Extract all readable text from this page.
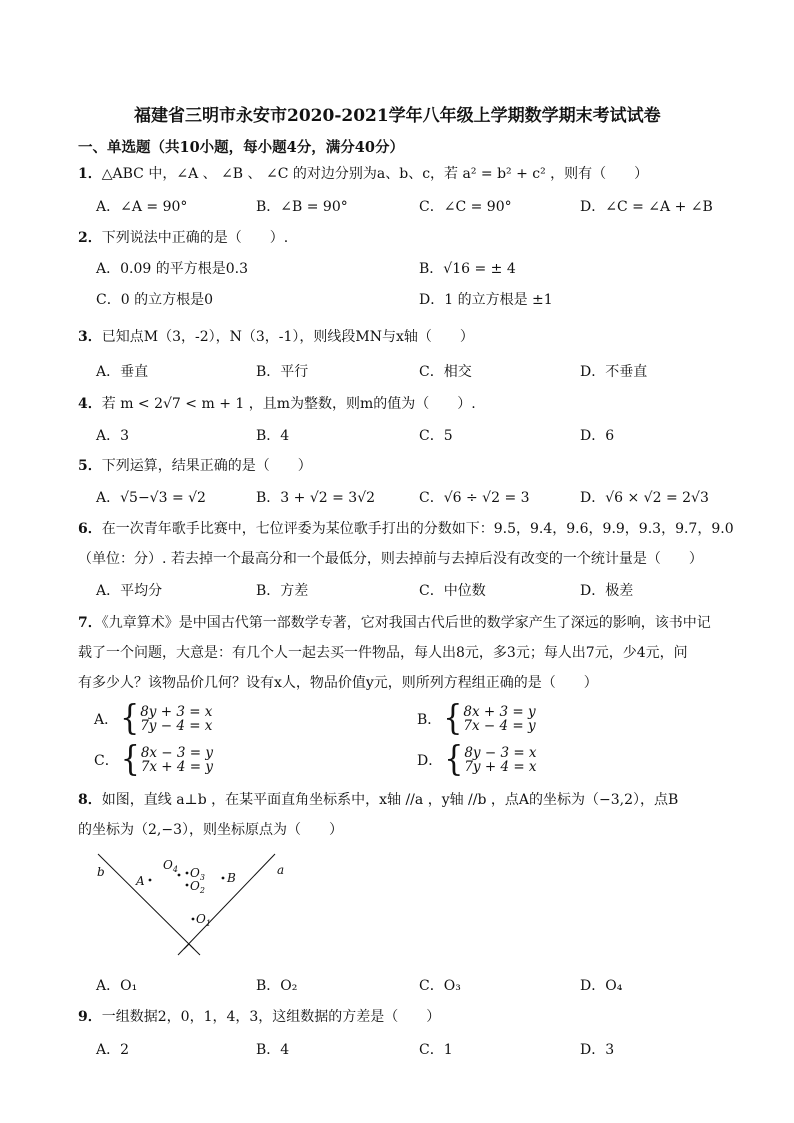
福建省三明市永安市2020-2021学年八年级上学期数学期末考试试卷
一、单选题（共10小题，每小题4分，满分40分）
1．△ABC 中，∠A 、 ∠B 、 ∠C 的对边分别为a、b、c，若 a² = b² + c² ，则有（　　）
A．∠A = 90°	B．∠B = 90°	C．∠C = 90°	D．∠C = ∠A + ∠B
2．下列说法中正确的是（　　）.
A．0.09 的平方根是0.3	B．√16 = ± 4
C．0 的立方根是0	D．1 的立方根是 ±1
3．已知点M（3，-2），N（3，-1），则线段MN与x轴（　　）
A．垂直	B．平行	C．相交	D．不垂直
4．若 m < 2√7 < m + 1 ，且m为整数，则m的值为（　　）.
A．3	B．4	C．5	D．6
5．下列运算，结果正确的是（　　）
A．√5−√3 = √2	B．3 + √2 = 3√2	C．√6 ÷ √2 = 3	D．√6 × √2 = 2√3
6．在一次青年歌手比赛中，七位评委为某位歌手打出的分数如下：9.5，9.4，9.6，9.9，9.3，9.7，9.0
（单位：分）. 若去掉一个最高分和一个最低分，则去掉前与去掉后没有改变的一个统计量是（　　）
A．平均分	B．方差	C．中位数	D．极差
7．《九章算术》是中国古代第一部数学专著，它对我国古代后世的数学家产生了深远的影响，该书中记
载了一个问题，大意是：有几个人一起去买一件物品，每人出8元，多3元；每人出7元，少4元，问
有多少人？该物品价几何？设有x人，物品价值y元，则所列方程组正确的是（　　）
A． { 8y + 3 = x
7y − 4 = x	B． { 8x + 3 = y
7x − 4 = y
C． { 8x − 3 = y
7x + 4 = y	D． { 8y − 3 = x
7y + 4 = x
8．如图，直线 a⊥b ，在某平面直角坐标系中，x轴 //a ，y轴 //b ，点A的坐标为（−3,2），点B
的坐标为（2,−3），则坐标原点为（　　）
b	a
A	B
$O_4$ $O_3$
$O_2$
$O_1$
A．O₁	B．O₂	C．O₃	D．O₄
9．一组数据2，0，1，4，3，这组数据的方差是（　　）
A．2	B．4	C．1	D．3
